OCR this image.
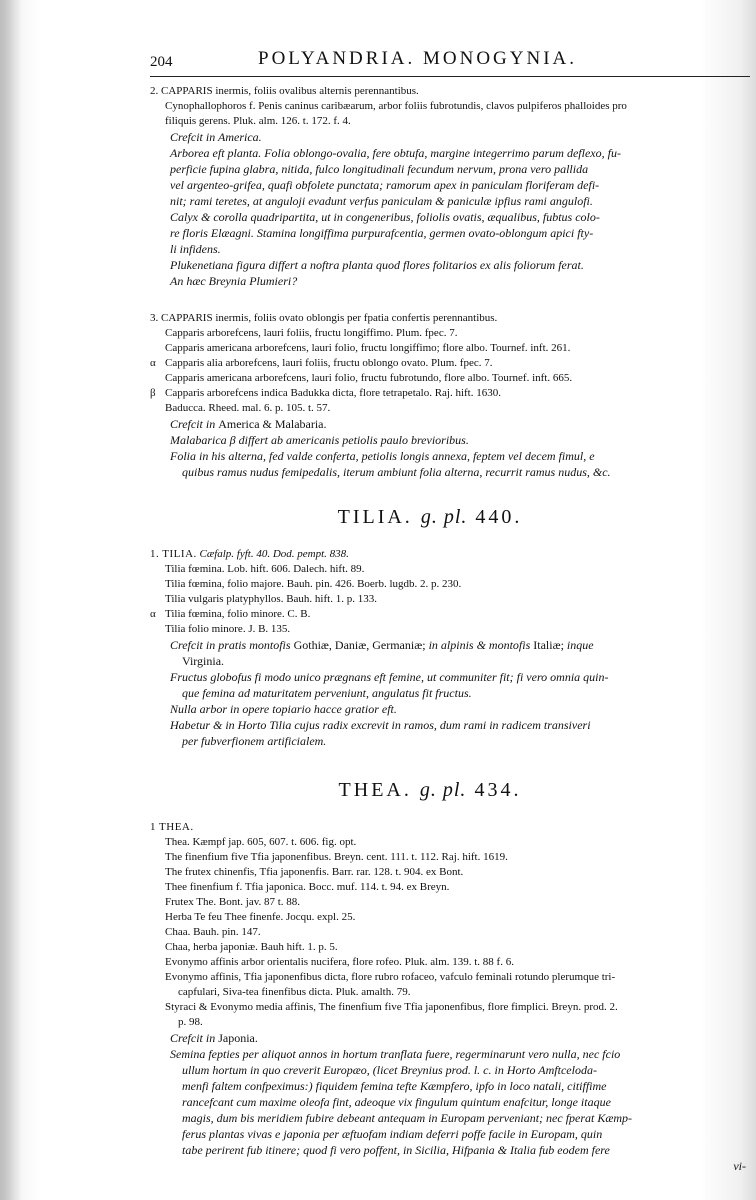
204	POLYANDRIA. MONOGYNIA.
2. CAPPARIS inermis, foliis ovalibus alternis perennantibus.
Cynophallophoros f. Penis caninus caribæarum, arbor foliis fubrotundis, clavos pulpiferos phalloides pro
filiquis gerens. Pluk. alm. 126. t. 172. f. 4.
Crefcit in America.
Arborea eft planta. Folia oblongo-ovalia, fere obtufa, margine integerrimo parum deflexo, fu-
perficie fupina glabra, nitida, fulco longitudinali fecundum nervum, prona vero pallida
vel argenteo-grifea, quafi obfolete punctata; ramorum apex in paniculam floriferam defi-
nit; rami teretes, at anguloji evadunt verfus paniculam & paniculæ ipfius rami angulofi.
Calyx & corolla quadripartita, ut in congeneribus, foliolis ovatis, æqualibus, fubtus colo-
re floris Elæagni. Stamina longiffima purpurafcentia, germen ovato-oblongum apici fty-
li infidens.
Plukenetiana figura differt a noftra planta quod flores folitarios ex alis foliorum ferat.
An hæc Breynia Plumieri?
3. CAPPARIS inermis, foliis ovato oblongis per fpatia confertis perennantibus.
Capparis arborefcens, lauri foliis, fructu longiffimo. Plum. fpec. 7.
Capparis americana arborefcens, lauri folio, fructu longiffimo; flore albo. Tournef. inft. 261.
α Capparis alia arborefcens, lauri foliis, fructu oblongo ovato. Plum. fpec. 7.
Capparis americana arborefcens, lauri folio, fructu fubrotundo, flore albo. Tournef. inft. 665.
β Capparis arborefcens indica Badukka dicta, flore tetrapetalo. Raj. hift. 1630.
Baducca. Rheed. mal. 6. p. 105. t. 57.
Crefcit in America & Malabaria.
Malabarica β differt ab americanis petiolis paulo brevioribus.
Folia in his alterna, fed valde conferta, petiolis longis annexa, feptem vel decem fimul, e
quibus ramus nudus femipedalis, iterum ambiunt folia alterna, recurrit ramus nudus, &c.
TILIA. g. pl. 440.
1. TILIA. Cæfalp. fyft. 40. Dod. pempt. 838.
Tilia fœmina. Lob. hift. 606. Dalech. hift. 89.
Tilia fœmina, folio majore. Bauh. pin. 426. Boerb. lugdb. 2. p. 230.
Tilia vulgaris platyphyllos. Bauh. hift. 1. p. 133.
α Tilia fœmina, folio minore. C. B.
Tilia folio minore. J. B. 135.
Crefcit in pratis montofis Gothiæ, Daniæ, Germaniæ; in alpinis & montofis Italiæ; inque
Virginia.
Fructus globofus fi modo unico prægnans eft femine, ut communiter fit; fi vero omnia quin-
que femina ad maturitatem perveniunt, angulatus fit fructus.
Nulla arbor in opere topiario hacce gratior eft.
Habetur & in Horto Tilia cujus radix excrevit in ramos, dum rami in radicem transiveri
per fubverfionem artificialem.
THEA. g. pl. 434.
1 THEA.
Thea. Kæmpf jap. 605, 607. t. 606. fig. opt.
The finenfium five Tfia japonenfibus. Breyn. cent. 111. t. 112. Raj. hift. 1619.
The frutex chinenfis, Tfia japonenfis. Barr. rar. 128. t. 904. ex Bont.
Thee finenfium f. Tfia japonica. Bocc. muf. 114. t. 94. ex Breyn.
Frutex The. Bont. jav. 87 t. 88.
Herba Te feu Thee finenfe. Jocqu. expl. 25.
Chaa. Bauh. pin. 147.
Chaa, herba japoniæ. Bauh hift. 1. p. 5.
Evonymo affinis arbor orientalis nucifera, flore rofeo. Pluk. alm. 139. t. 88 f. 6.
Evonymo affinis, Tfia japonenfibus dicta, flore rubro rofaceo, vafculo feminali rotundo plerumque tri-
capfulari, Siva-tea finenfibus dicta. Pluk. amalth. 79.
Styraci & Evonymo media affinis, The finenfium five Tfia japonenfibus, flore fimplici. Breyn. prod. 2.
p. 98.
Crefcit in Japonia.
Semina fepties per aliquot annos in hortum tranflata fuere, regerminarunt vero nulla, nec fcio
ullum hortum in quo creverit Europæo, (licet Breynius prod. l. c. in Horto Amftceloda-
menfi faltem confpeximus:) fiquidem femina tefte Kæmpfero, ipfo in loco natali, citiffime
rancefcant cum maxime oleofa fint, adeoque vix fingulum quintum enafcitur, longe itaque
magis, dum bis meridiem fubire debeant antequam in Europam perveniant; nec fperat Kæmp-
ferus plantas vivas e japonia per æftuofam indiam deferri poffe facile in Europam, quin
tabe perirent fub itinere; quod fi vero poffent, in Sicilia, Hifpania & Italia fub eodem fere
vi-
